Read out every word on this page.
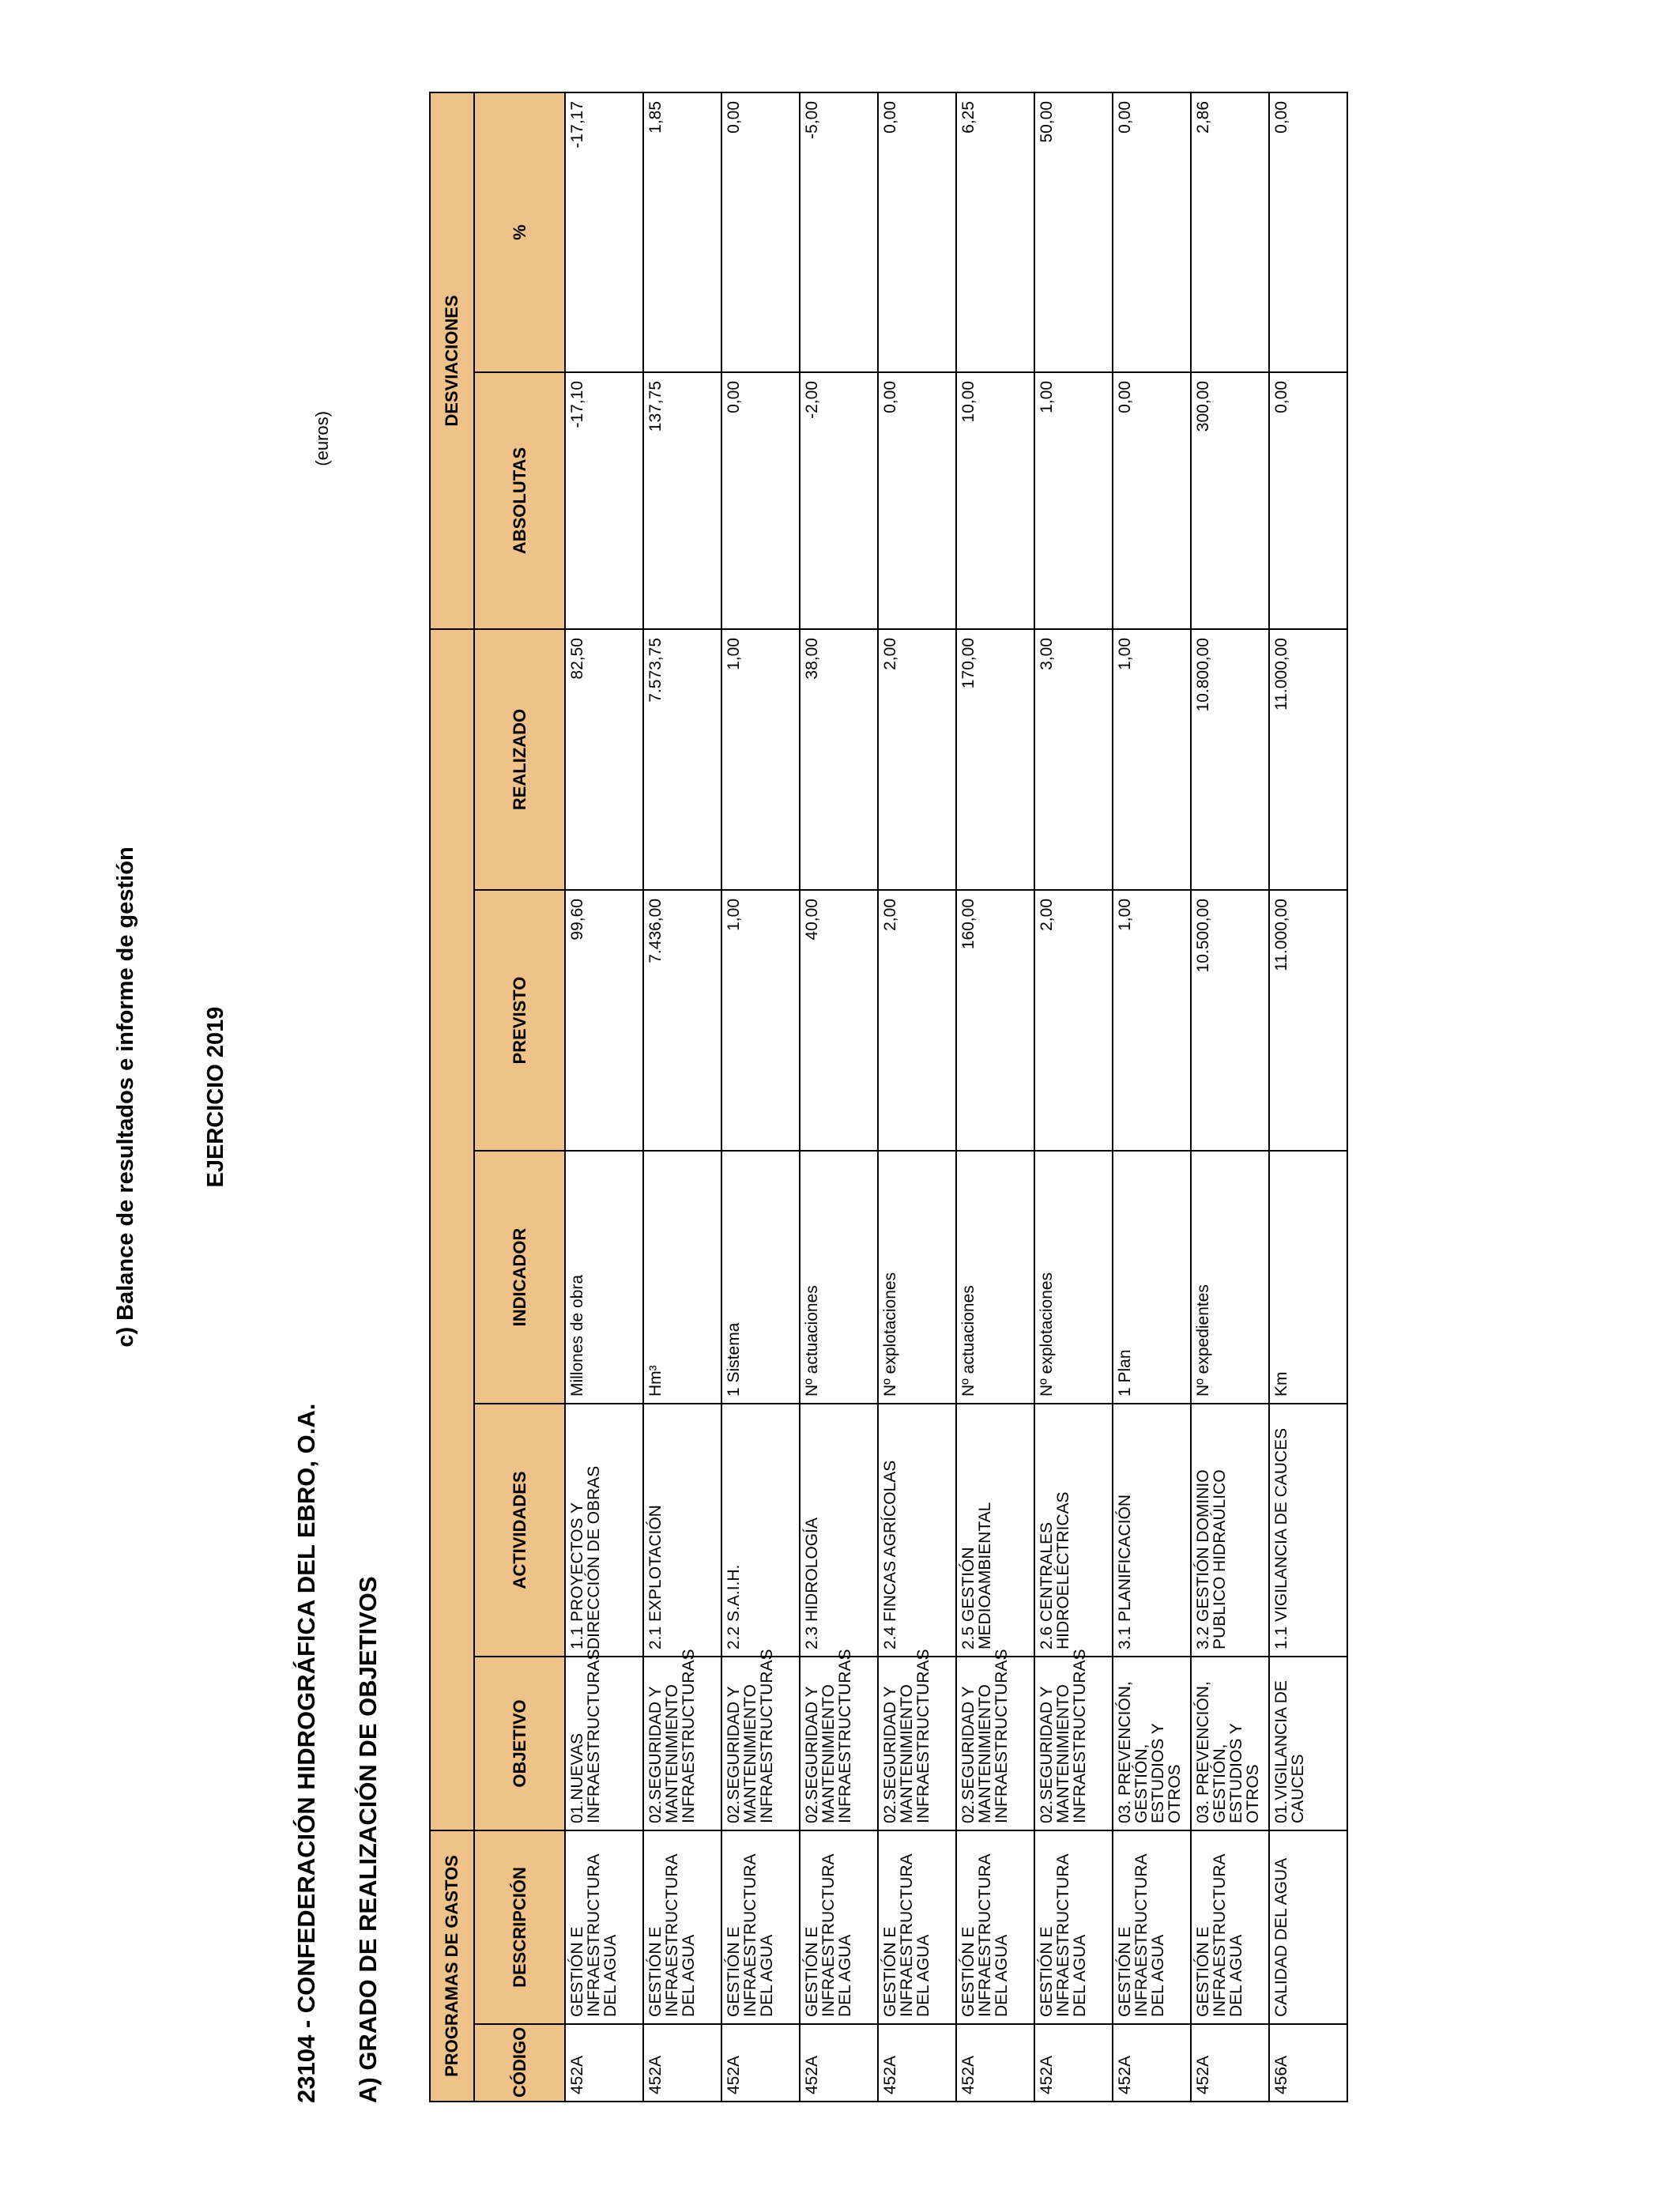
c) Balance de resultados e informe de gestión	EJERCICIO 2019
23104 - CONFEDERACIÓN HIDROGRÁFICA DEL EBRO, O.A.
(euros)
A) GRADO DE REALIZACIÓN DE OBJETIVOS	PROGRAMAS DE GASTOS							DESVIACIONES	
CÓDIGO	DESCRIPCIÓN	OBJETIVO	ACTIVIDADES	INDICADOR	PREVISTO	REALIZADO	ABSOLUTAS	%
452A	GESTIÓN E INFRAESTRUCTURA DEL AGUA	01.NUEVAS INFRAESTRUCTURAS	1.1 PROYECTOS Y DIRECCIÓN DE OBRAS	Millones de obra	99,60	82,50	-17,10	-17,17
452A	GESTIÓN E INFRAESTRUCTURA DEL AGUA	02.SEGURIDAD Y MANTENIMIENTO INFRAESTRUCTURAS	2.1 EXPLOTACIÓN	Hm³	7.436,00	7.573,75	137,75	1,85
452A	GESTIÓN E INFRAESTRUCTURA DEL AGUA	02.SEGURIDAD Y MANTENIMIENTO INFRAESTRUCTURAS	2.2 S.A.I.H.	1 Sistema	1,00	1,00	0,00	0,00
452A	GESTIÓN E INFRAESTRUCTURA DEL AGUA	02.SEGURIDAD Y MANTENIMIENTO INFRAESTRUCTURAS	2.3 HIDROLOGÍA	Nº actuaciones	40,00	38,00	-2,00	-5,00
452A	GESTIÓN E INFRAESTRUCTURA DEL AGUA	02.SEGURIDAD Y MANTENIMIENTO INFRAESTRUCTURAS	2.4 FINCAS AGRÍCOLAS	Nº explotaciones	2,00	2,00	0,00	0,00
452A	GESTIÓN E INFRAESTRUCTURA DEL AGUA	02.SEGURIDAD Y MANTENIMIENTO INFRAESTRUCTURAS	2.5 GESTIÓN MEDIOAMBIENTAL	Nº actuaciones	160,00	170,00	10,00	6,25
452A	GESTIÓN E INFRAESTRUCTURA DEL AGUA	02.SEGURIDAD Y MANTENIMIENTO INFRAESTRUCTURAS	2.6 CENTRALES HIDROELÉCTRICAS	Nº explotaciones	2,00	3,00	1,00	50,00
452A	GESTIÓN E INFRAESTRUCTURA DEL AGUA	03. PREVENCIÓN, GESTIÓN, ESTUDIOS Y OTROS	3.1 PLANIFICACIÓN	1 Plan	1,00	1,00	0,00	0,00
452A	GESTIÓN E INFRAESTRUCTURA DEL AGUA	03. PREVENCIÓN, GESTIÓN, ESTUDIOS Y OTROS	3.2 GESTIÓN DOMINIO PUBLICO HIDRAÚLICO	Nº expedientes	10.500,00	10.800,00	300,00	2,86
456A	CALIDAD DEL AGUA	01.VIGILANCIA DE CAUCES	1.1 VIGILANCIA DE CAUCES	Km	11.000,00	11.000,00	0,00	0,00
